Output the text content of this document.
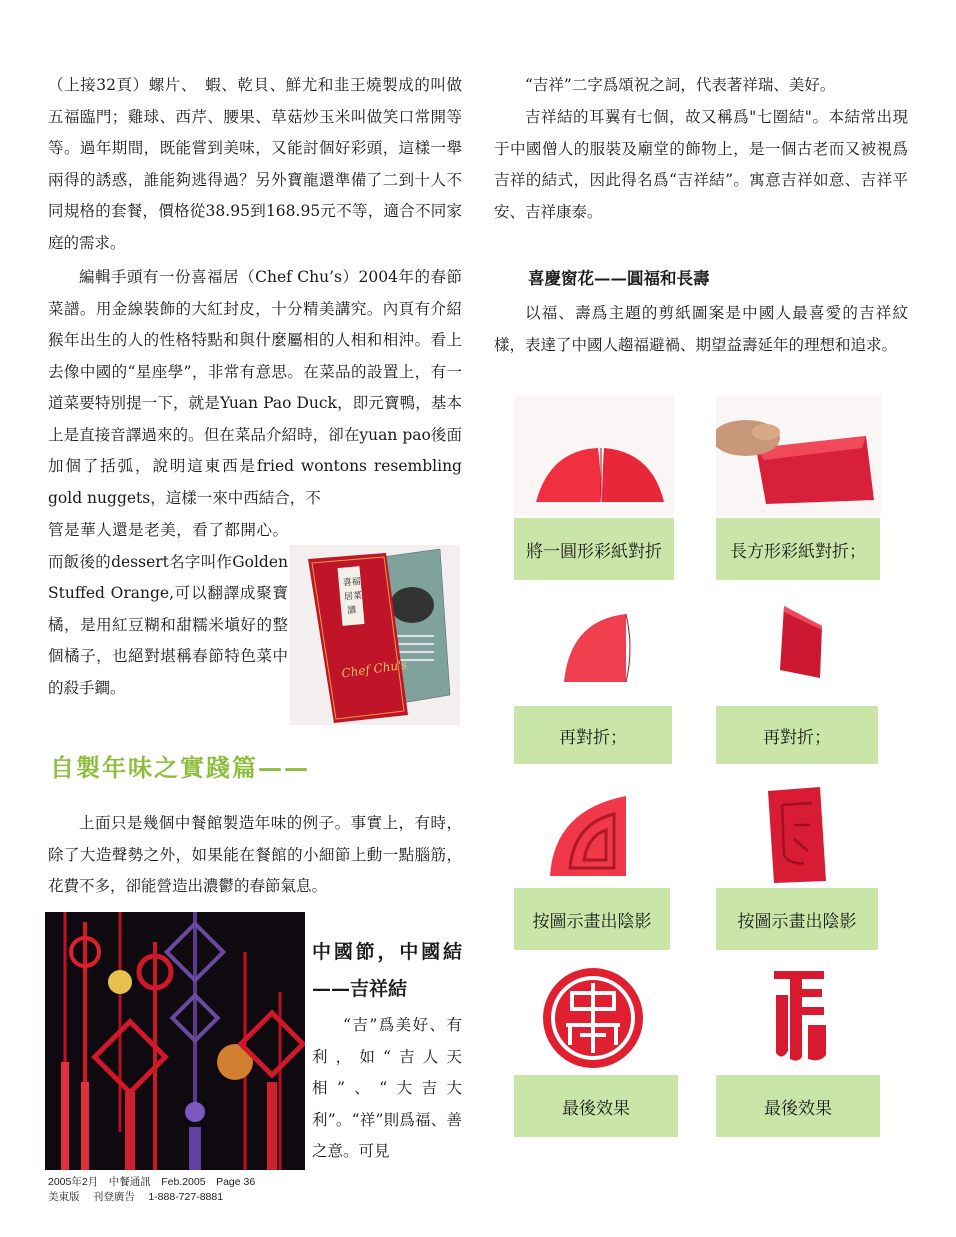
（上接32頁）螺片、　蝦、乾貝、鮮尤和韭王燒製成的叫做五福臨門；雞球、西芹、腰果、草菇炒玉米叫做笑口常開等等。過年期間，既能嘗到美味，又能討個好彩頭，這樣一舉兩得的誘惑，誰能夠逃得過？另外寶龍還準備了二到十人不同規格的套餐，價格從38.95到168.95元不等，適合不同家庭的需求。

編輯手頭有一份喜福居（Chef Chu’s）2004年的春節菜譜。用金線裝飾的大紅封皮，十分精美講究。內頁有介紹猴年出生的人的性格特點和與什麼屬相的人相和相沖。看上去像中國的“星座學”，非常有意思。在菜品的設置上，有一道菜要特別提一下，就是Yuan Pao Duck，即元寶鴨，基本上是直接音譯過來的。但在菜品介紹時，卻在yuan pao後面加個了括弧，說明這東西是fried wontons resembling gold nuggets，這樣一來中西結合，不

管是華人還是老美，看了都開心。而飯後的dessert名字叫作Golden Stuffed Orange,可以翻譯成聚寶橘，是用紅豆糊和甜糯米塡好的整個橘子，也絕對堪稱春節特色菜中的殺手鐧。

喜福
居菜
譜
Chef Chu's
自製年味之實踐篇——

上面只是幾個中餐館製造年味的例子。事實上，有時，除了大造聲勢之外，如果能在餐館的小細節上動一點腦筋，花費不多，卻能營造出濃鬱的春節氣息。

中國節，中國結——吉祥結

“吉”爲美好、有利，如“吉人天相”、“大吉大利”。“祥”則爲福、善之意。可見

2005年2月　中餐通訊　Feb.2005　Page 36
美東版　 刊登廣告　 1-888-727-8881

“吉祥”二字爲頌祝之詞，代表著祥瑞、美好。

吉祥結的耳翼有七個，故又稱爲"七圈結"。本結常出現于中國僧人的服裝及廟堂的飾物上，是一個古老而又被視爲吉祥的結式，因此得名爲“吉祥結”。寓意吉祥如意、吉祥平安、吉祥康泰。

喜慶窗花——圓福和長壽

以福、壽爲主題的剪紙圖案是中國人最喜愛的吉祥紋樣，表達了中國人趨福避禍、期望益壽延年的理想和追求。

將一圓形彩紙對折	長方形彩紙對折；
再對折；	再對折；
按圖示畫出陰影	按圖示畫出陰影
最後效果	最後效果
